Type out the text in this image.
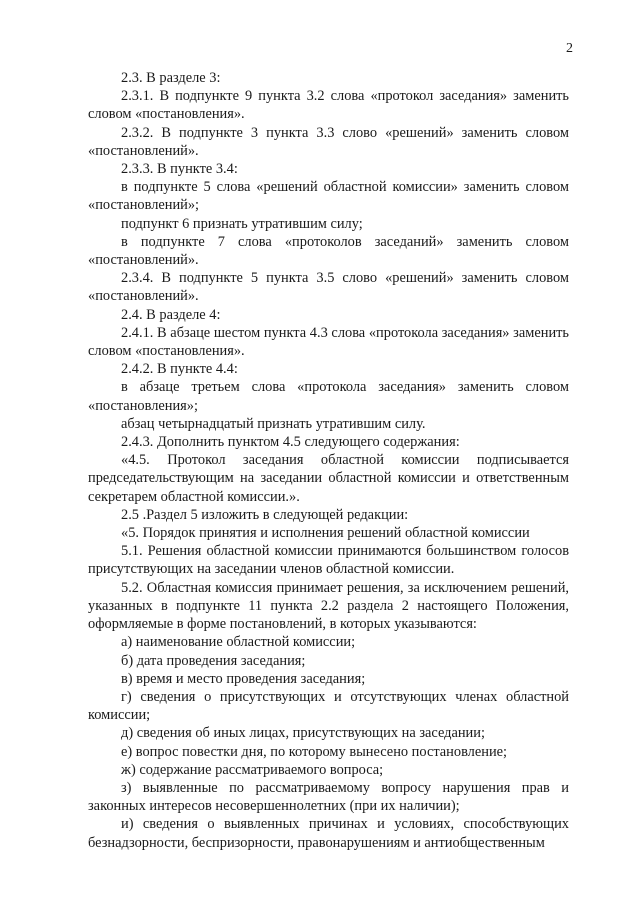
2

2.3. В разделе 3:

2.3.1. В подпункте 9 пункта 3.2 слова «протокол заседания» заменить словом «постановления».

2.3.2. В подпункте 3 пункта 3.3 слово «решений» заменить словом «постановлений».

2.3.3. В пункте 3.4:

в подпункте 5 слова «решений областной комиссии» заменить словом «постановлений»;

подпункт 6 признать утратившим силу;

в подпункте 7 слова «протоколов заседаний» заменить словом «постановлений».

2.3.4. В подпункте 5 пункта 3.5 слово «решений» заменить словом «постановлений».

2.4. В разделе 4:

2.4.1. В абзаце шестом пункта 4.3 слова «протокола заседания» заменить словом «постановления».

2.4.2. В пункте 4.4:

в абзаце третьем слова «протокола заседания» заменить словом «постановления»;

абзац четырнадцатый признать утратившим силу.

2.4.3. Дополнить пунктом 4.5 следующего содержания:

«4.5. Протокол заседания областной комиссии подписывается председательствующим на заседании областной комиссии и ответственным секретарем областной комиссии.».

2.5 .Раздел 5 изложить в следующей редакции:

«5. Порядок принятия и исполнения решений областной комиссии

5.1. Решения областной комиссии принимаются большинством голосов присутствующих на заседании членов областной комиссии.

5.2. Областная комиссия принимает решения, за исключением решений, указанных в подпункте 11 пункта 2.2 раздела 2 настоящего Положения, оформляемые в форме постановлений, в которых указываются:

а) наименование областной комиссии;

б) дата проведения заседания;

в) время и место проведения заседания;

г) сведения о присутствующих и отсутствующих членах областной комиссии;

д) сведения об иных лицах, присутствующих на заседании;

е) вопрос повестки дня, по которому вынесено постановление;

ж) содержание рассматриваемого вопроса;

з) выявленные по рассматриваемому вопросу нарушения прав и законных интересов несовершеннолетних (при их наличии);

и) сведения о выявленных причинах и условиях, способствующих безнадзорности, беспризорности, правонарушениям и антиобщественным
